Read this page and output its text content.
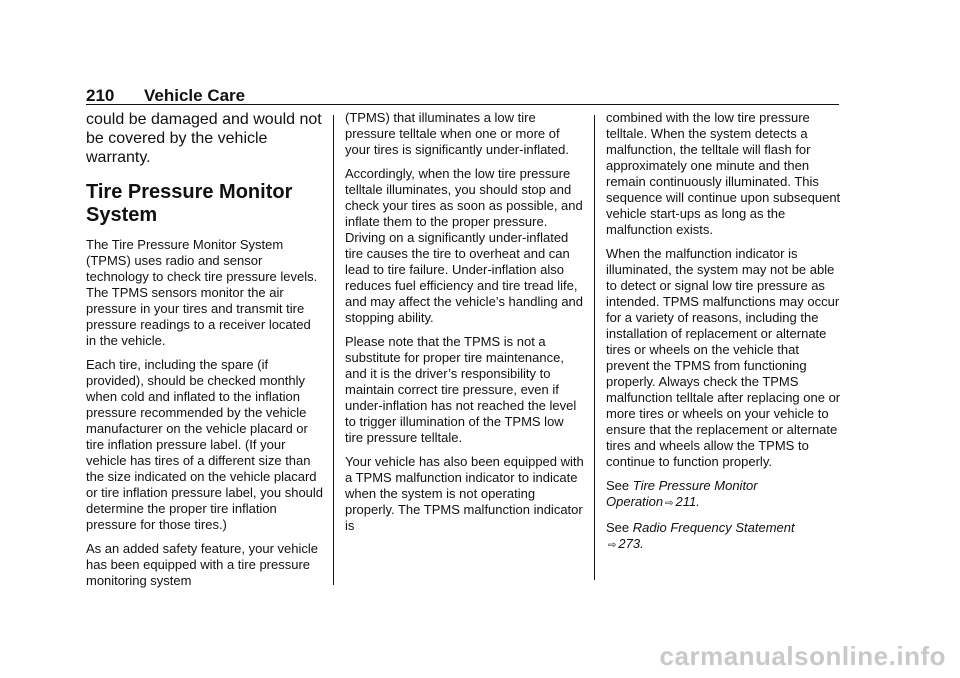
210 Vehicle Care

could be damaged and would not be covered by the vehicle warranty.

Tire Pressure Monitor System

The Tire Pressure Monitor System (TPMS) uses radio and sensor technology to check tire pressure levels. The TPMS sensors monitor the air pressure in your tires and transmit tire pressure readings to a receiver located in the vehicle.

Each tire, including the spare (if provided), should be checked monthly when cold and inflated to the inflation pressure recommended by the vehicle manufacturer on the vehicle placard or tire inflation pressure label. (If your vehicle has tires of a different size than the size indicated on the vehicle placard or tire inflation pressure label, you should determine the proper tire inflation pressure for those tires.)

As an added safety feature, your vehicle has been equipped with a tire pressure monitoring system

(TPMS) that illuminates a low tire pressure telltale when one or more of your tires is significantly under-inflated.

Accordingly, when the low tire pressure telltale illuminates, you should stop and check your tires as soon as possible, and inflate them to the proper pressure. Driving on a significantly under-inflated tire causes the tire to overheat and can lead to tire failure. Under-inflation also reduces fuel efficiency and tire tread life, and may affect the vehicle’s handling and stopping ability.

Please note that the TPMS is not a substitute for proper tire maintenance, and it is the driver’s responsibility to maintain correct tire pressure, even if under-inflation has not reached the level to trigger illumination of the TPMS low tire pressure telltale.

Your vehicle has also been equipped with a TPMS malfunction indicator to indicate when the system is not operating properly. The TPMS malfunction indicator is

combined with the low tire pressure telltale. When the system detects a malfunction, the telltale will flash for approximately one minute and then remain continuously illuminated. This sequence will continue upon subsequent vehicle start-ups as long as the malfunction exists.

When the malfunction indicator is illuminated, the system may not be able to detect or signal low tire pressure as intended. TPMS malfunctions may occur for a variety of reasons, including the installation of replacement or alternate tires or wheels on the vehicle that prevent the TPMS from functioning properly. Always check the TPMS malfunction telltale after replacing one or more tires or wheels on your vehicle to ensure that the replacement or alternate tires and wheels allow the TPMS to continue to function properly.

See Tire Pressure Monitor Operation ⇨ 211.

See Radio Frequency Statement
⇨ 273.

carmanualsonline.info
